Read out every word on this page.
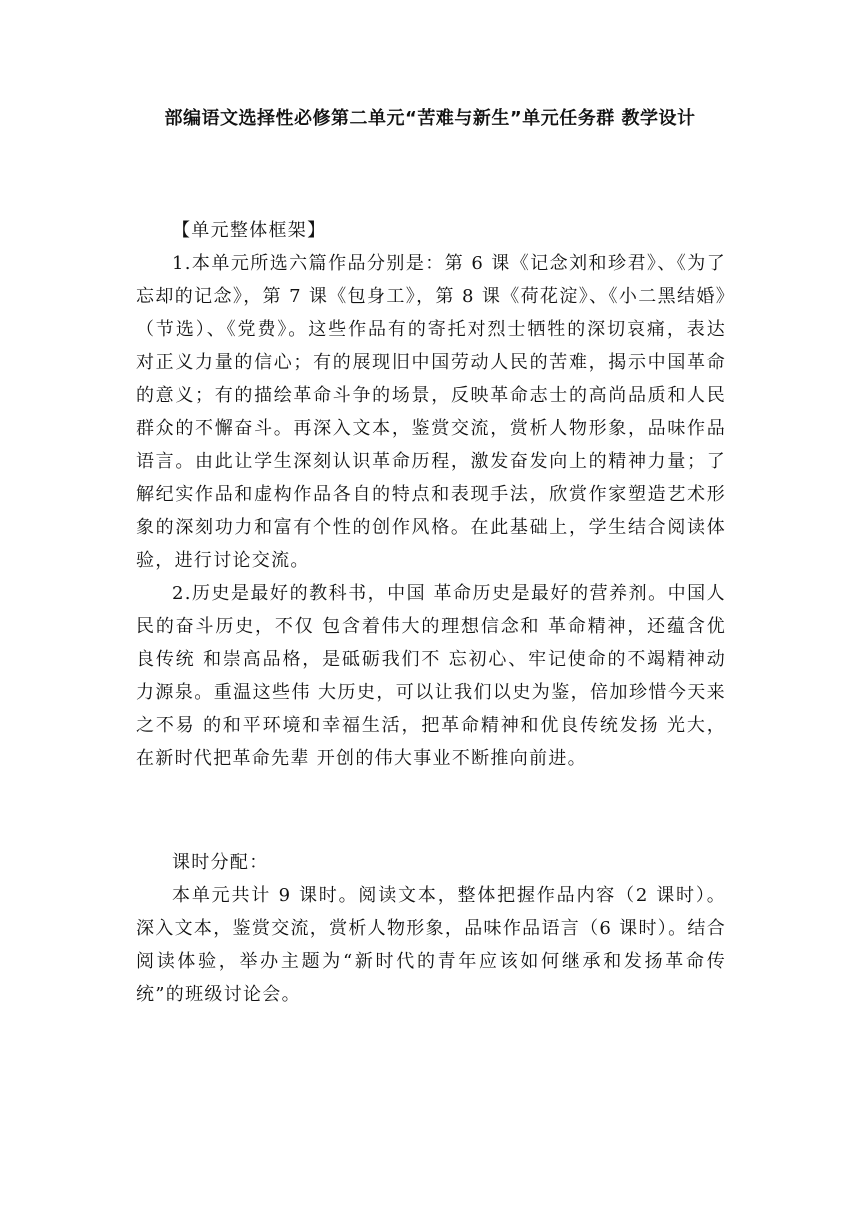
部编语文选择性必修第二单元“苦难与新生”单元任务群 教学设计

【单元整体框架】

1.本单元所选六篇作品分别是：第 6 课《记念刘和珍君》、《为了忘却的记念》，第 7 课《包身工》，第 8 课《荷花淀》、《小二黑结婚》（节选）、《党费》。这些作品有的寄托对烈士牺牲的深切哀痛，表达对正义力量的信心；有的展现旧中国劳动人民的苦难，揭示中国革命的意义；有的描绘革命斗争的场景，反映革命志士的高尚品质和人民群众的不懈奋斗。再深入文本，鉴赏交流，赏析人物形象，品味作品语言。由此让学生深刻认识革命历程，激发奋发向上的精神力量；了解纪实作品和虚构作品各自的特点和表现手法，欣赏作家塑造艺术形象的深刻功力和富有个性的创作风格。在此基础上，学生结合阅读体验，进行讨论交流。

2.历史是最好的教科书，中国 革命历史是最好的营养剂。中国人民的奋斗历史，不仅 包含着伟大的理想信念和 革命精神，还蕴含优良传统 和崇高品格，是砥砺我们不 忘初心、牢记使命的不竭精神动力源泉。重温这些伟 大历史，可以让我们以史为鉴，倍加珍惜今天来之不易 的和平环境和幸福生活，把革命精神和优良传统发扬 光大，在新时代把革命先辈 开创的伟大事业不断推向前进。

课时分配：

本单元共计 9 课时。阅读文本，整体把握作品内容（2 课时）。深入文本，鉴赏交流，赏析人物形象，品味作品语言（6 课时）。结合阅读体验，举办主题为“新时代的青年应该如何继承和发扬革命传统”的班级讨论会。
